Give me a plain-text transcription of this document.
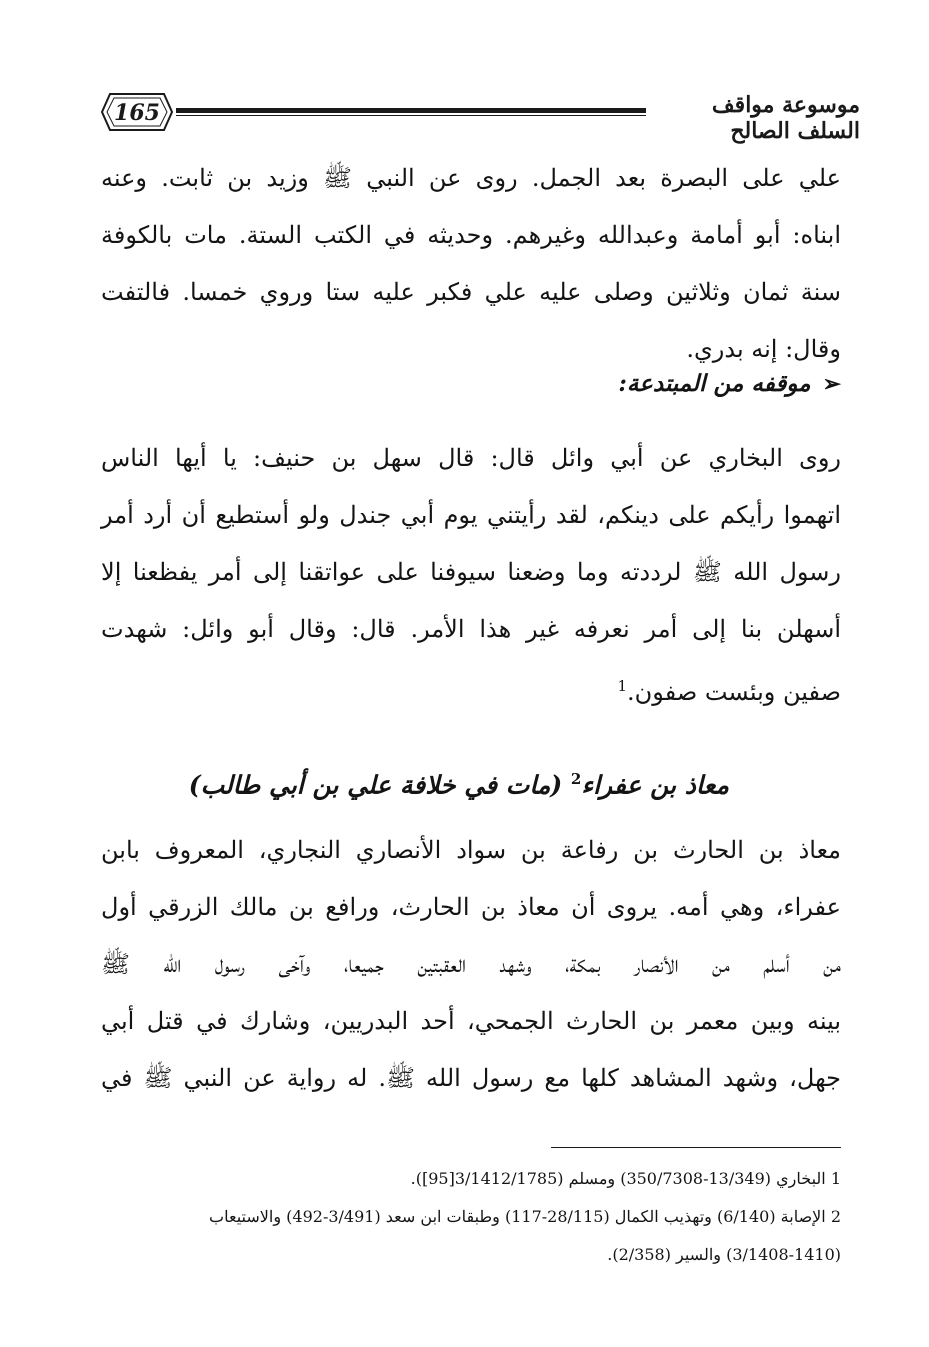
165	موسوعة مواقف السلف الصالح
علي على البصرة بعد الجمل. روى عن النبي ﷺ وزيد بن ثابت. وعنه
ابناه: أبو أمامة وعبدالله وغيرهم. وحديثه في الكتب الستة. مات بالكوفة
سنة ثمان وثلاثين وصلى عليه علي فكبر عليه ستا وروي خمسا. فالتفت
وقال: إنه بدري.
➢موقفه من المبتدعة:
روى البخاري عن أبي وائل قال: قال سهل بن حنيف: يا أيها الناس
اتهموا رأيكم على دينكم، لقد رأيتني يوم أبي جندل ولو أستطيع أن أرد أمر
رسول الله ﷺ لرددته وما وضعنا سيوفنا على عواتقنا إلى أمر يفظعنا إلا
أسهلن بنا إلى أمر نعرفه غير هذا الأمر. قال: وقال أبو وائل: شهدت
صفين وبئست صفون.$^1$
معاذ بن عفراء$^2$ (مات في خلافة علي بن أبي طالب)
معاذ بن الحارث بن رفاعة بن سواد الأنصاري النجاري، المعروف بابن
عفراء، وهي أمه. يروى أن معاذ بن الحارث، ورافع بن مالك الزرقي أول
من أسلم من الأنصار بمكة، وشهد العقبتين جميعا، وآخى رسول الله ﷺ
بينه وبين معمر بن الحارث الجمحي، أحد البدريين، وشارك في قتل أبي
جهل، وشهد المشاهد كلها مع رسول الله ﷺ. له رواية عن النبي ﷺ في
1 البخاري (13/349-350/7308) ومسلم (3/1412/1785[95]).
2 الإصابة (6/140) وتهذيب الكمال (28/115-117) وطبقات ابن سعد (3/491-492) والاستيعاب
(3/1408-1410) والسير (2/358).
